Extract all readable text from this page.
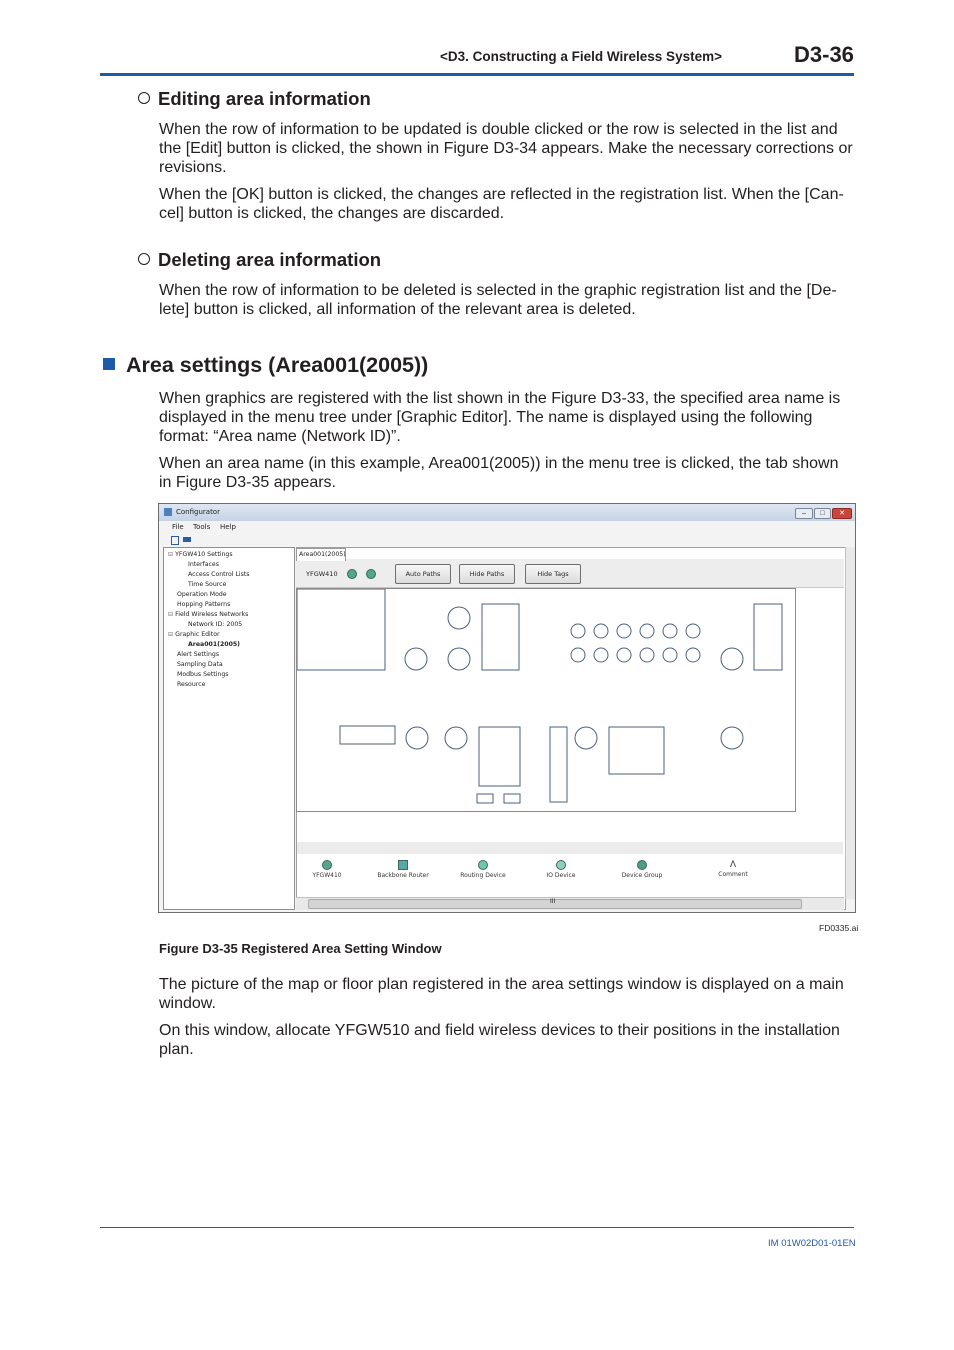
<D3. Constructing a Field Wireless System>	D3-36
Editing area information
When the row of information to be updated is double clicked or the row is selected in the list and the [Edit] button is clicked, the shown in Figure D3-34 appears. Make the necessary corrections or revisions.
When the [OK] button is clicked, the changes are reflected in the registration list. When the [Can-cel] button is clicked, the changes are discarded.
Deleting area information
When the row of information to be deleted is selected in the graphic registration list and the [De-lete] button is clicked, all information of the relevant area is deleted.
Area settings (Area001(2005))
When graphics are registered with the list shown in the Figure D3-33, the specified area name is displayed in the menu tree under [Graphic Editor]. The name is displayed using the following format: “Area name (Network ID)”.
When an area name (in this example, Area001(2005)) in the menu tree is clicked, the tab shown in Figure D3-35 appears.
Configurator	–	□	✕
File Tools Help
⊟ YFGW410 Settings
Interfaces
Access Control Lists
Time Source
Operation Mode
Hopping Patterns
⊟ Field Wireless Networks
Network ID: 2005
⊟ Graphic Editor
Area001(2005)
Alert Settings
Sampling Data
Modbus Settings
Resource
Area001(2005)
YFGW410	Auto Paths	Hide Paths	Hide Tags
YFGW410	Backbone Router	Routing Device	IO Device	Device Group
Λ
Comment
III
FD0335.ai
Figure D3-35 Registered Area Setting Window
The picture of the map or floor plan registered in the area settings window is displayed on a main window.
On this window, allocate YFGW510 and field wireless devices to their positions in the installation plan.
IM 01W02D01-01EN
